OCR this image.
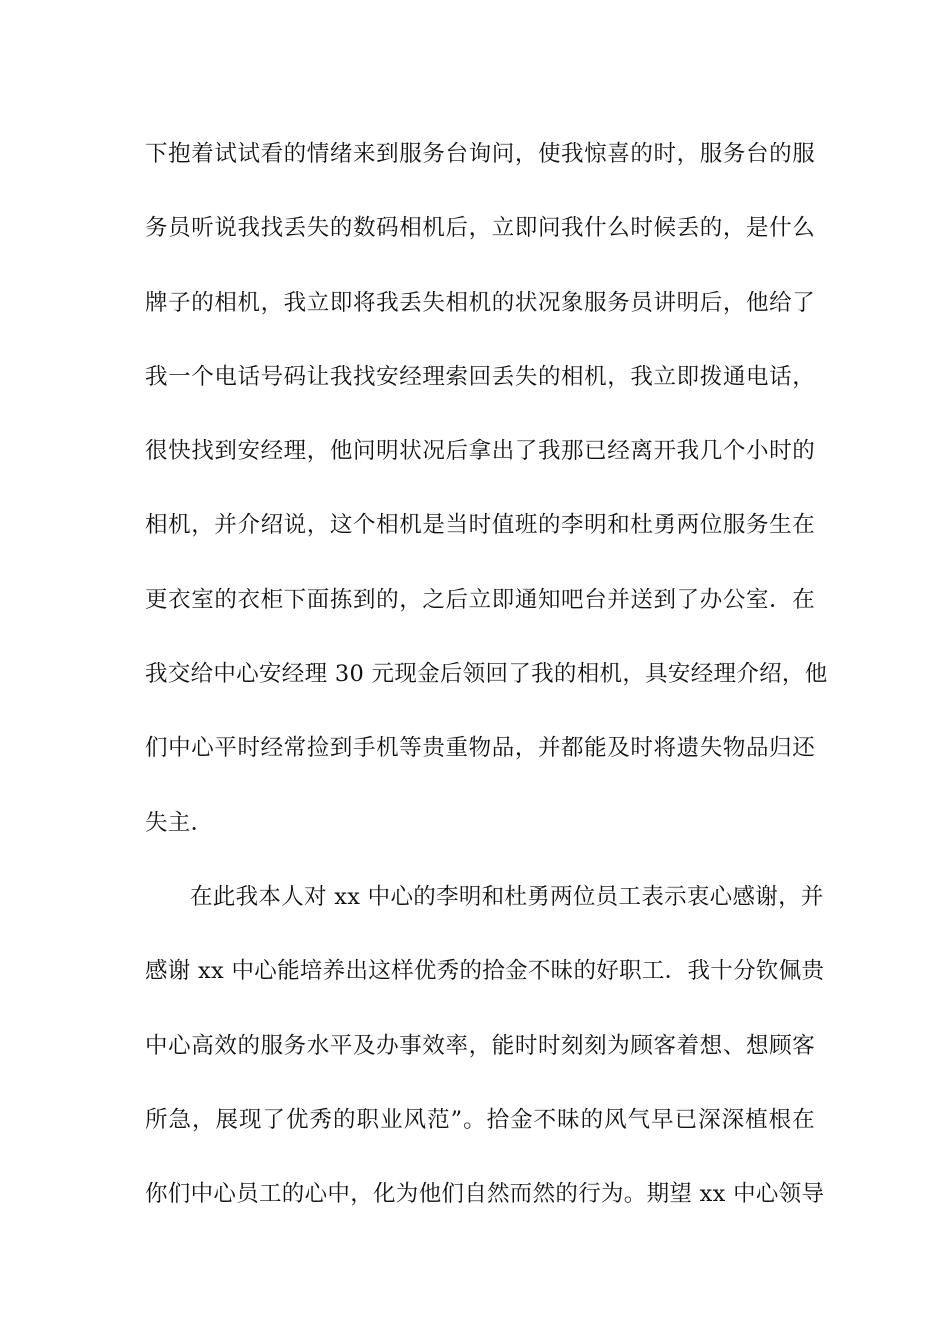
下抱着试试看的情绪来到服务台询问，使我惊喜的时，服务台的服
务员听说我找丢失的数码相机后，立即问我什么时候丢的，是什么
牌子的相机，我立即将我丢失相机的状况象服务员讲明后，他给了
我一个电话号码让我找安经理索回丢失的相机，我立即拨通电话，
很快找到安经理，他问明状况后拿出了我那已经离开我几个小时的
相机，并介绍说，这个相机是当时值班的李明和杜勇两位服务生在
更衣室的衣柜下面拣到的，之后立即通知吧台并送到了办公室．在
我交给中心安经理 30 元现金后领回了我的相机，具安经理介绍，他
们中心平时经常捡到手机等贵重物品，并都能及时将遗失物品归还
失主．
在此我本人对 xx 中心的李明和杜勇两位员工表示衷心感谢，并
感谢 xx 中心能培养出这样优秀的拾金不昧的好职工．我十分钦佩贵
中心高效的服务水平及办事效率，能时时刻刻为顾客着想、想顾客
所急，展现了优秀的职业风范”。拾金不昧的风气早已深深植根在
你们中心员工的心中，化为他们自然而然的行为。期望 xx 中心领导
